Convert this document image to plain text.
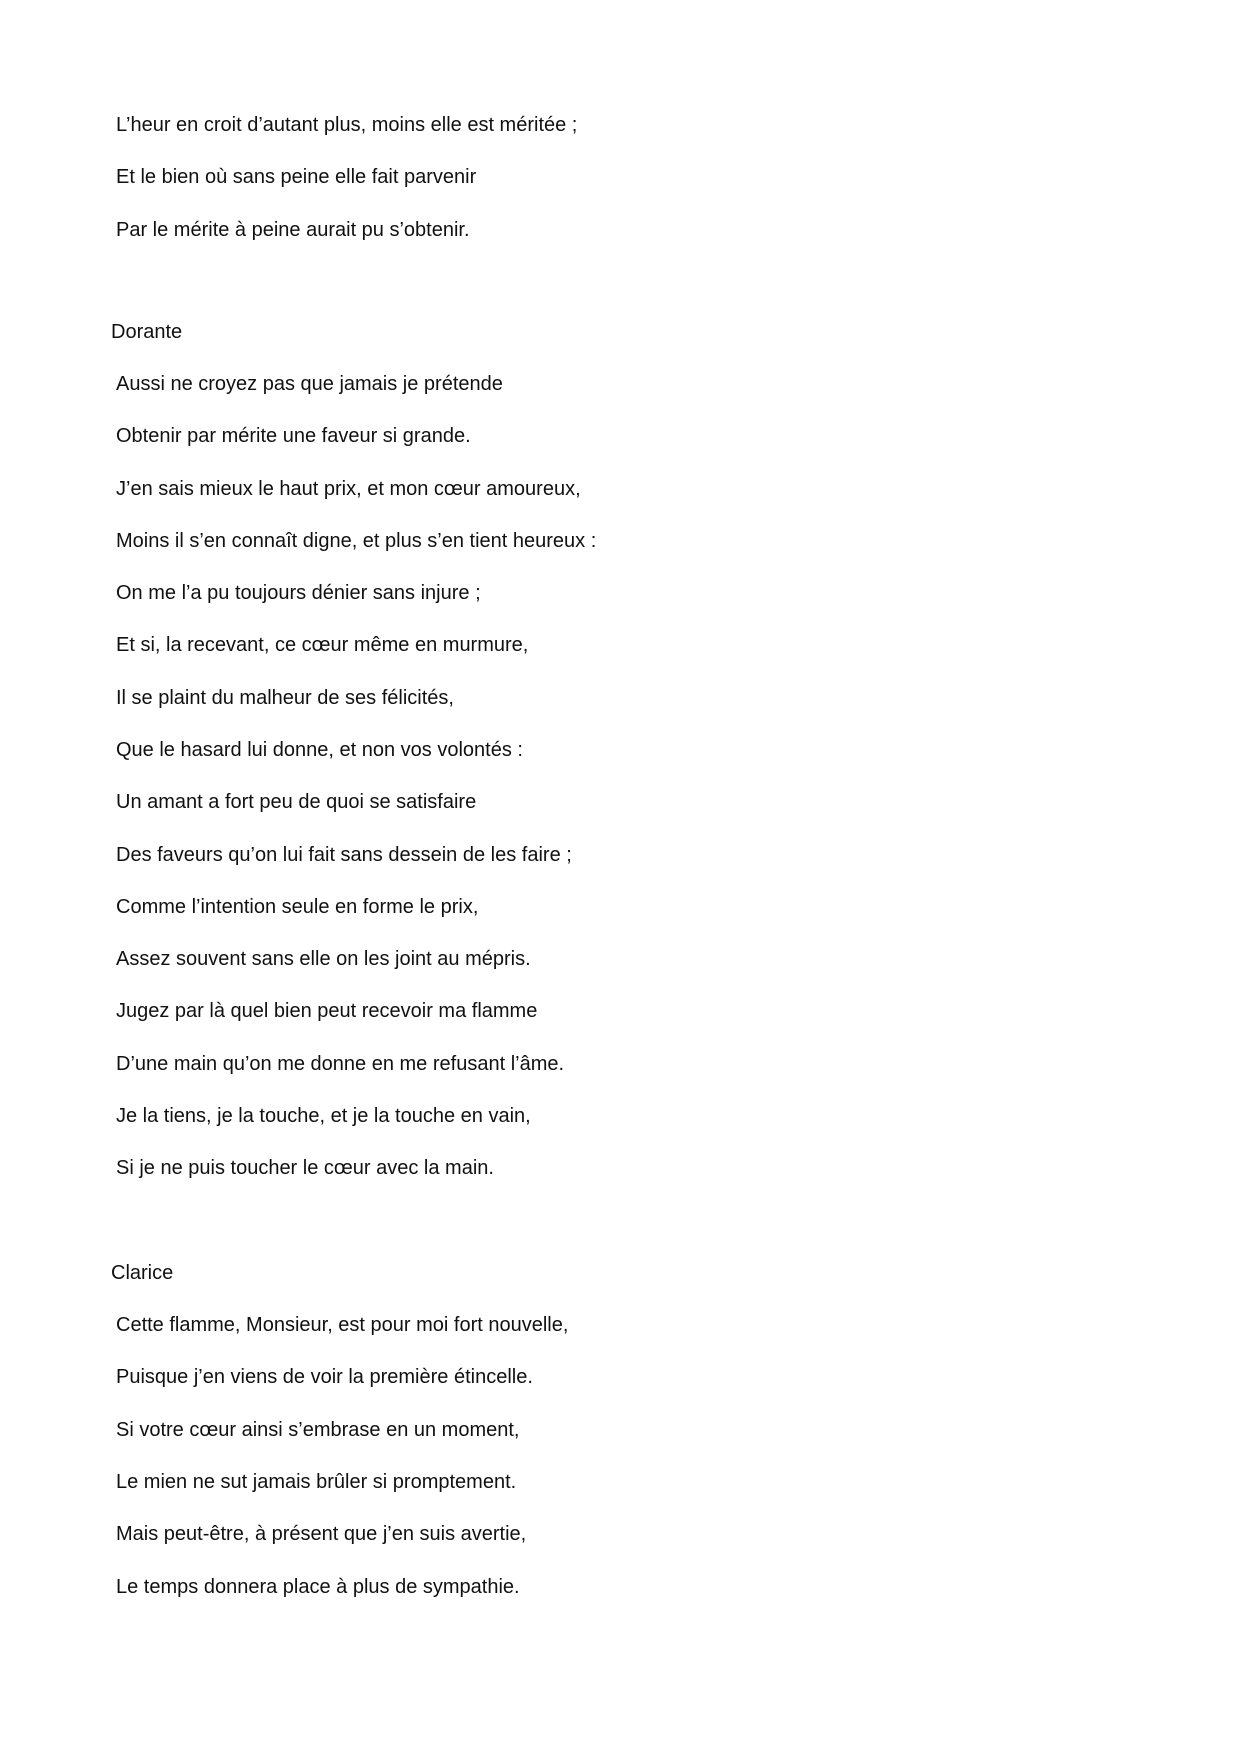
L’heur en croit d’autant plus, moins elle est méritée ;

Et le bien où sans peine elle fait parvenir

Par le mérite à peine aurait pu s’obtenir.

Dorante

Aussi ne croyez pas que jamais je prétende

Obtenir par mérite une faveur si grande.

J’en sais mieux le haut prix, et mon cœur amoureux,

Moins il s’en connaît digne, et plus s’en tient heureux :

On me l’a pu toujours dénier sans injure ;

Et si, la recevant, ce cœur même en murmure,

Il se plaint du malheur de ses félicités,

Que le hasard lui donne, et non vos volontés :

Un amant a fort peu de quoi se satisfaire

Des faveurs qu’on lui fait sans dessein de les faire ;

Comme l’intention seule en forme le prix,

Assez souvent sans elle on les joint au mépris.

Jugez par là quel bien peut recevoir ma flamme

D’une main qu’on me donne en me refusant l’âme.

Je la tiens, je la touche, et je la touche en vain,

Si je ne puis toucher le cœur avec la main.

Clarice

Cette flamme, Monsieur, est pour moi fort nouvelle,

Puisque j’en viens de voir la première étincelle.

Si votre cœur ainsi s’embrase en un moment,

Le mien ne sut jamais brûler si promptement.

Mais peut-être, à présent que j’en suis avertie,

Le temps donnera place à plus de sympathie.
